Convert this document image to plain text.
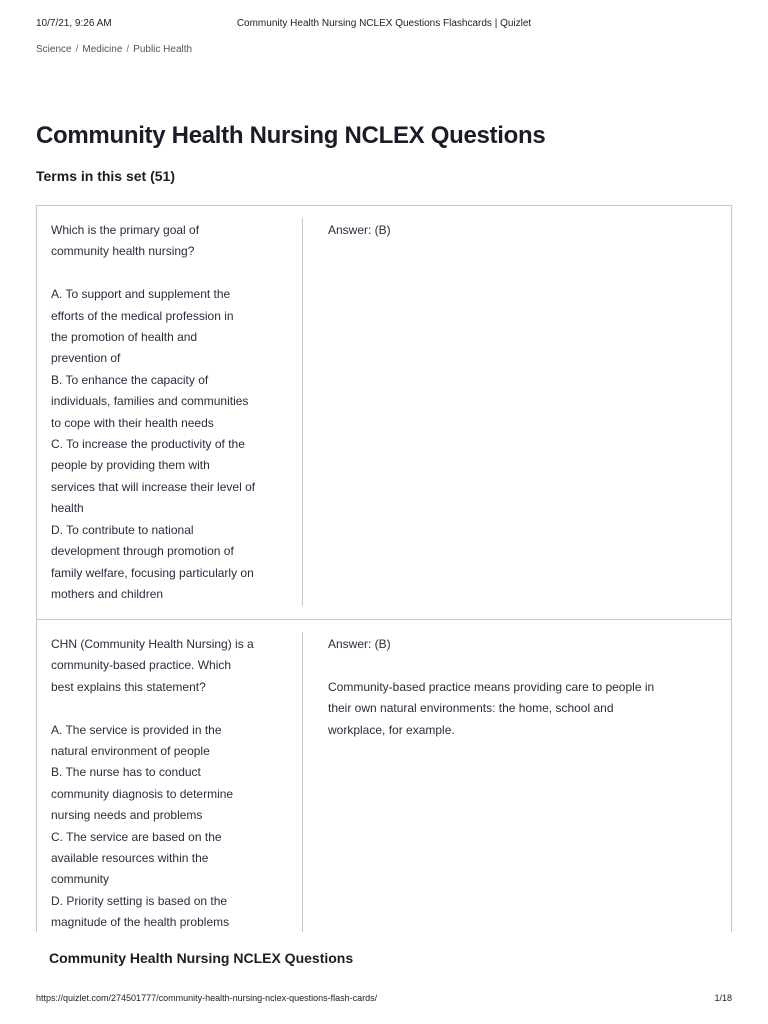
10/7/21, 9:26 AM	Community Health Nursing NCLEX Questions Flashcards | Quizlet
Science / Medicine / Public Health
Community Health Nursing NCLEX Questions
Terms in this set (51)
Which is the primary goal of
community health nursing?

A. To support and supplement the
efforts of the medical profession in
the promotion of health and
prevention of
B. To enhance the capacity of
individuals, families and communities
to cope with their health needs
C. To increase the productivity of the
people by providing them with
services that will increase their level of
health
D. To contribute to national
development through promotion of
family welfare, focusing particularly on
mothers and children
Answer: (B)
CHN (Community Health Nursing) is a
community-based practice. Which
best explains this statement?

A. The service is provided in the
natural environment of people
B. The nurse has to conduct
community diagnosis to determine
nursing needs and problems
C. The service are based on the
available resources within the
community
D. Priority setting is based on the
magnitude of the health problems
Answer: (B)

Community-based practice means providing care to people in
their own natural environments: the home, school and
workplace, for example.
Community Health Nursing NCLEX Questions
https://quizlet.com/274501777/community-health-nursing-nclex-questions-flash-cards/	1/18
